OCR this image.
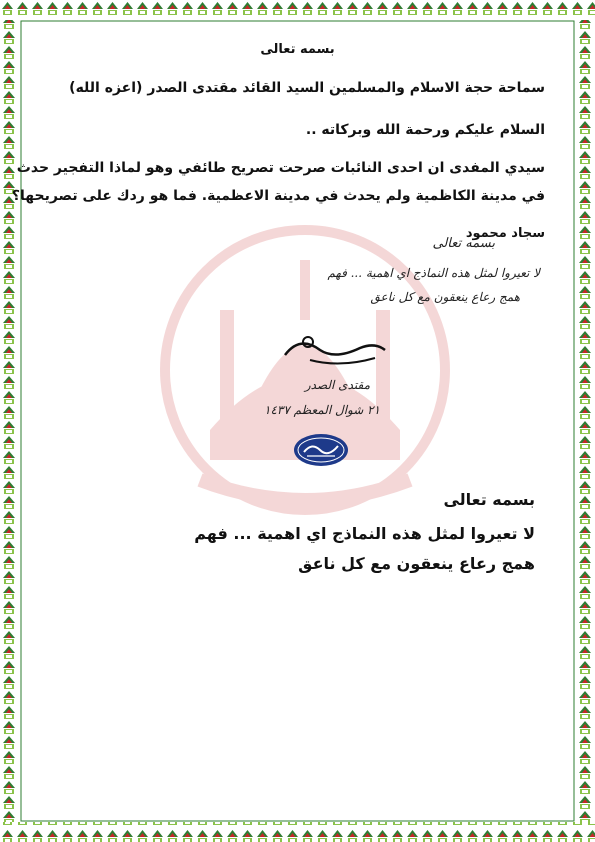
بسمه تعالى
سماحة حجة الاسلام والمسلمين السيد القائد مقتدى الصدر (اعزه الله)
السلام عليكم ورحمة الله وبركاته ..
سيدي المفدى ان احدى النائبات صرحت تصريح طائفي وهو لماذا التفجير حدث
في مدينة الكاظمية ولم يحدث في مدينة الاعظمية. فما هو ردك على تصريحها؟
سجاد محمود
بسمه تعالى
لا تعيروا لمثل هذه النماذج اي اهمية ... فهم
همج رعاع ينعقون مع كل ناعق
مقتدى الصدر
٢١ شوال المعظم ١٤٣٧
بسمه تعالى
لا تعيروا لمثل هذه النماذج اي اهمية ... فهم
همج رعاع ينعقون مع كل ناعق
